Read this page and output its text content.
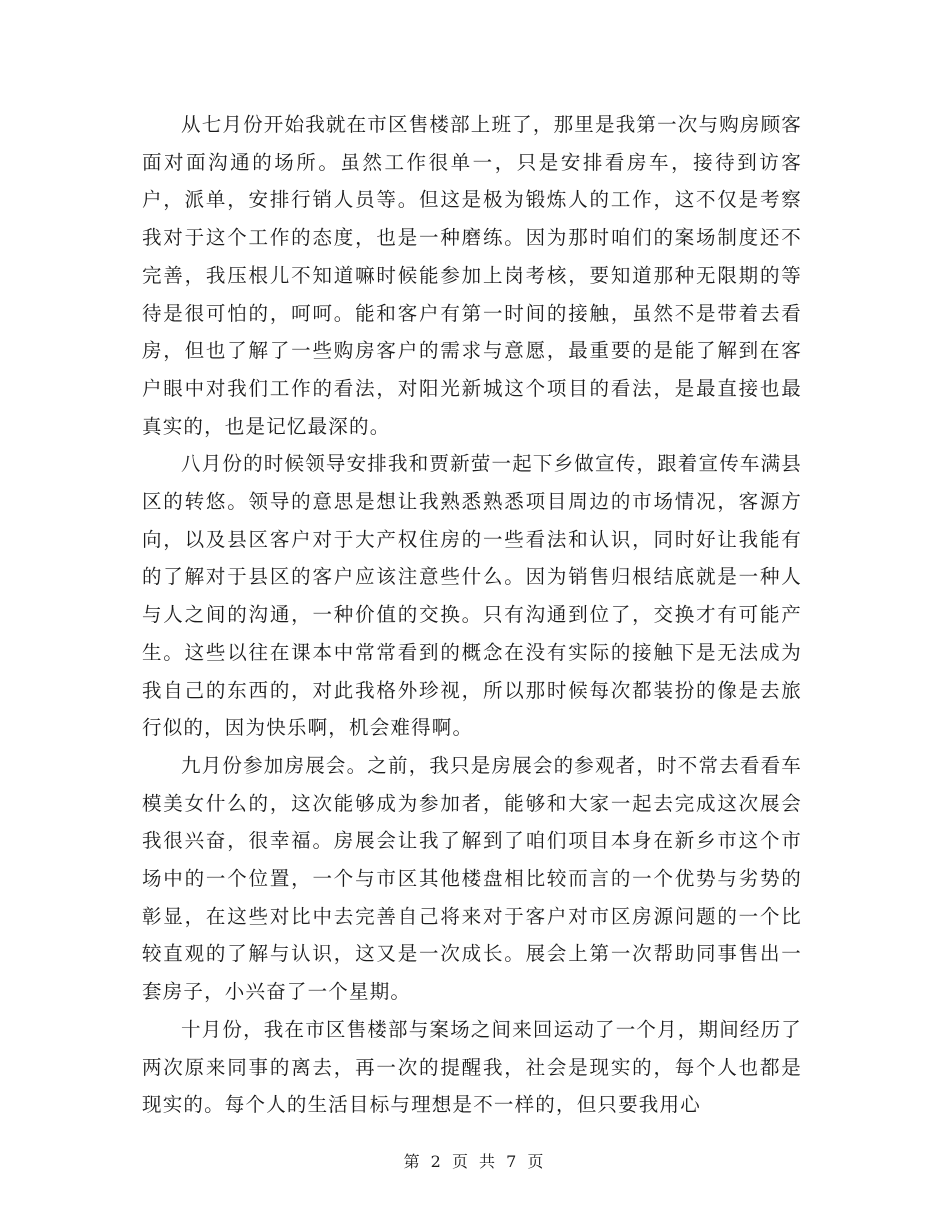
从七月份开始我就在市区售楼部上班了，那里是我第一次与购房顾客面对面沟通的场所。虽然工作很单一，只是安排看房车，接待到访客户，派单，安排行销人员等。但这是极为锻炼人的工作，这不仅是考察我对于这个工作的态度，也是一种磨练。因为那时咱们的案场制度还不完善，我压根儿不知道嘛时候能参加上岗考核，要知道那种无限期的等待是很可怕的，呵呵。能和客户有第一时间的接触，虽然不是带着去看房，但也了解了一些购房客户的需求与意愿，最重要的是能了解到在客户眼中对我们工作的看法，对阳光新城这个项目的看法，是最直接也最真实的，也是记忆最深的。

八月份的时候领导安排我和贾新萤一起下乡做宣传，跟着宣传车满县区的转悠。领导的意思是想让我熟悉熟悉项目周边的市场情况，客源方向，以及县区客户对于大产权住房的一些看法和认识，同时好让我能有的了解对于县区的客户应该注意些什么。因为销售归根结底就是一种人与人之间的沟通，一种价值的交换。只有沟通到位了，交换才有可能产生。这些以往在课本中常常看到的概念在没有实际的接触下是无法成为我自己的东西的，对此我格外珍视，所以那时候每次都装扮的像是去旅行似的，因为快乐啊，机会难得啊。

九月份参加房展会。之前，我只是房展会的参观者，时不常去看看车模美女什么的，这次能够成为参加者，能够和大家一起去完成这次展会我很兴奋，很幸福。房展会让我了解到了咱们项目本身在新乡市这个市场中的一个位置，一个与市区其他楼盘相比较而言的一个优势与劣势的彰显，在这些对比中去完善自己将来对于客户对市区房源问题的一个比较直观的了解与认识，这又是一次成长。展会上第一次帮助同事售出一套房子，小兴奋了一个星期。

十月份，我在市区售楼部与案场之间来回运动了一个月，期间经历了两次原来同事的离去，再一次的提醒我，社会是现实的，每个人也都是现实的。每个人的生活目标与理想是不一样的，但只要我用心

第 2 页 共 7 页
